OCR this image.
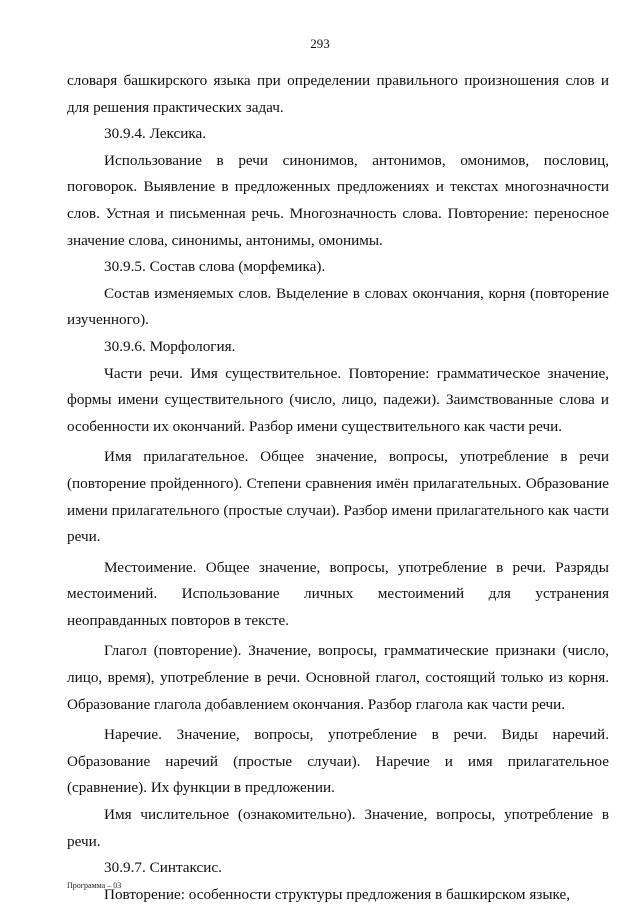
293

словаря башкирского языка при определении правильного произношения слов и для решения практических задач.

30.9.4. Лексика.

Использование в речи синонимов, антонимов, омонимов, пословиц, поговорок. Выявление в предложенных предложениях и текстах многозначности слов. Устная и письменная речь. Многозначность слова. Повторение: переносное значение слова, синонимы, антонимы, омонимы.

30.9.5. Состав слова (морфемика).

Состав изменяемых слов. Выделение в словах окончания, корня (повторение изученного).

30.9.6. Морфология.

Части речи. Имя существительное. Повторение: грамматическое значение, формы имени существительного (число, лицо, падежи). Заимствованные слова и особенности их окончаний. Разбор имени существительного как части речи.

Имя прилагательное. Общее значение, вопросы, употребление в речи (повторение пройденного). Степени сравнения имён прилагательных. Образование имени прилагательного (простые случаи). Разбор имени прилагательного как части речи.

Местоимение. Общее значение, вопросы, употребление в речи. Разряды местоимений. Использование личных местоимений для устранения неоправданных повторов в тексте.

Глагол (повторение). Значение, вопросы, грамматические признаки (число, лицо, время), употребление в речи. Основной глагол, состоящий только из корня. Образование глагола добавлением окончания. Разбор глагола как части речи.

Наречие. Значение, вопросы, употребление в речи. Виды наречий. Образование наречий (простые случаи). Наречие и имя прилагательное (сравнение). Их функции в предложении.

Имя числительное (ознакомительно). Значение, вопросы, употребление в речи.

30.9.7. Синтаксис.

Повторение: особенности структуры предложения в башкирском языке,

Программа – 03
